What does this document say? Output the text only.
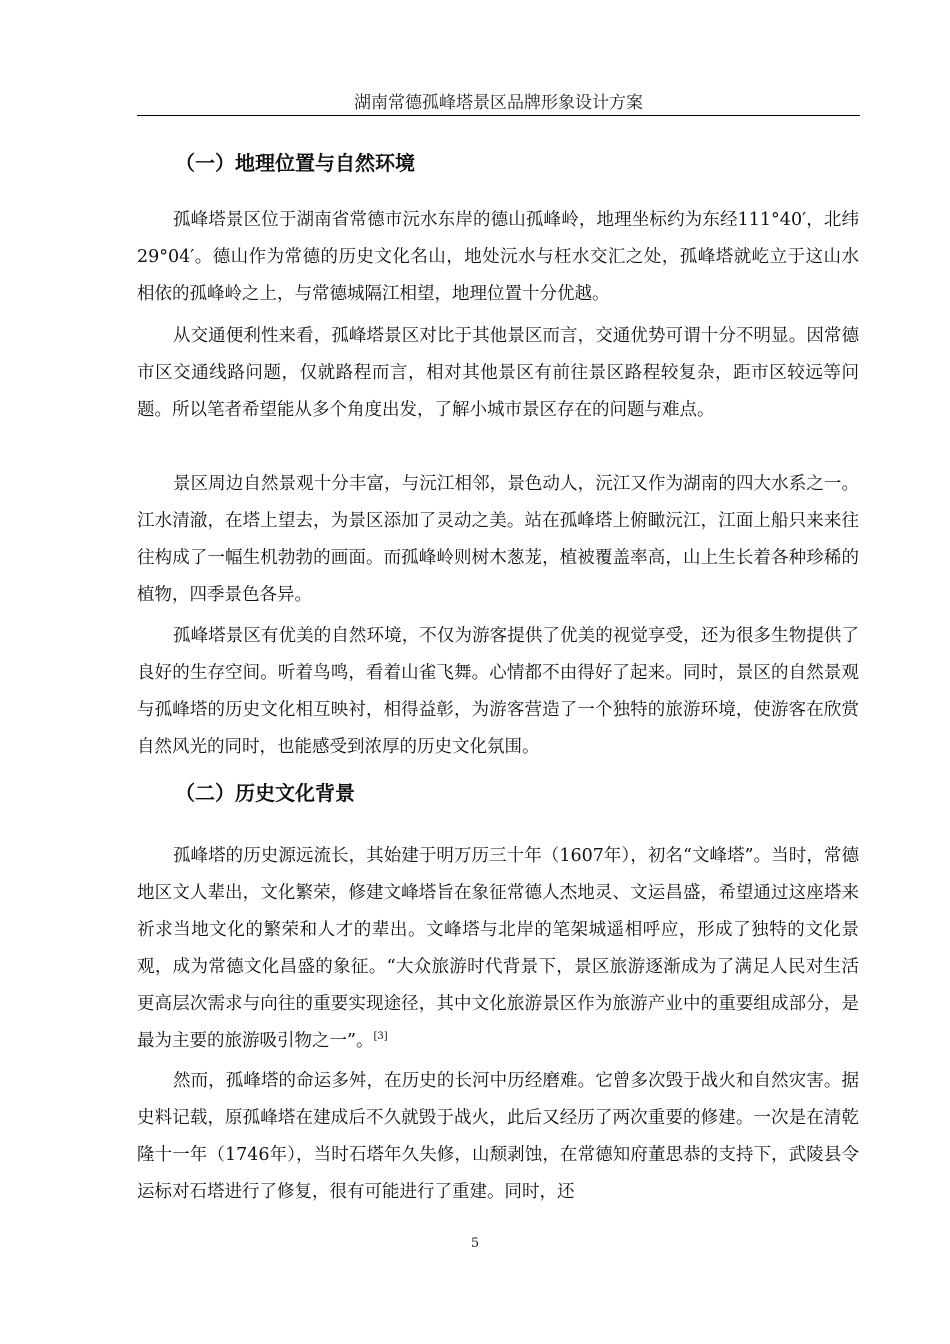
湖南常德孤峰塔景区品牌形象设计方案
（一）地理位置与自然环境

孤峰塔景区位于湖南省常德市沅水东岸的德山孤峰岭，地理坐标约为东经111°40′，北纬29°04′。德山作为常德的历史文化名山，地处沅水与枉水交汇之处，孤峰塔就屹立于这山水相依的孤峰岭之上，与常德城隔江相望，地理位置十分优越。

从交通便利性来看，孤峰塔景区对比于其他景区而言，交通优势可谓十分不明显。因常德市区交通线路问题，仅就路程而言，相对其他景区有前往景区路程较复杂，距市区较远等问题。所以笔者希望能从多个角度出发，了解小城市景区存在的问题与难点。

景区周边自然景观十分丰富，与沅江相邻，景色动人，沅江又作为湖南的四大水系之一。江水清澈，在塔上望去，为景区添加了灵动之美。站在孤峰塔上俯瞰沅江，江面上船只来来往往构成了一幅生机勃勃的画面。而孤峰岭则树木葱茏，植被覆盖率高，山上生长着各种珍稀的植物，四季景色各异。

孤峰塔景区有优美的自然环境，不仅为游客提供了优美的视觉享受，还为很多生物提供了良好的生存空间。听着鸟鸣，看着山雀飞舞。心情都不由得好了起来。同时，景区的自然景观与孤峰塔的历史文化相互映衬，相得益彰，为游客营造了一个独特的旅游环境，使游客在欣赏自然风光的同时，也能感受到浓厚的历史文化氛围。

（二）历史文化背景

孤峰塔的历史源远流长，其始建于明万历三十年（1607年），初名“文峰塔”。当时，常德地区文人辈出，文化繁荣，修建文峰塔旨在象征常德人杰地灵、文运昌盛，希望通过这座塔来祈求当地文化的繁荣和人才的辈出。文峰塔与北岸的笔架城遥相呼应，形成了独特的文化景观，成为常德文化昌盛的象征。“大众旅游时代背景下，景区旅游逐渐成为了满足人民对生活更高层次需求与向往的重要实现途径，其中文化旅游景区作为旅游产业中的重要组成部分，是最为主要的旅游吸引物之一”。[3]

然而，孤峰塔的命运多舛，在历史的长河中历经磨难。它曾多次毁于战火和自然灾害。据史料记载，原孤峰塔在建成后不久就毁于战火，此后又经历了两次重要的修建。一次是在清乾隆十一年（1746年），当时石塔年久失修，山颓剥蚀，在常德知府董思恭的支持下，武陵县令运标对石塔进行了修复，很有可能进行了重建。同时，还

5
